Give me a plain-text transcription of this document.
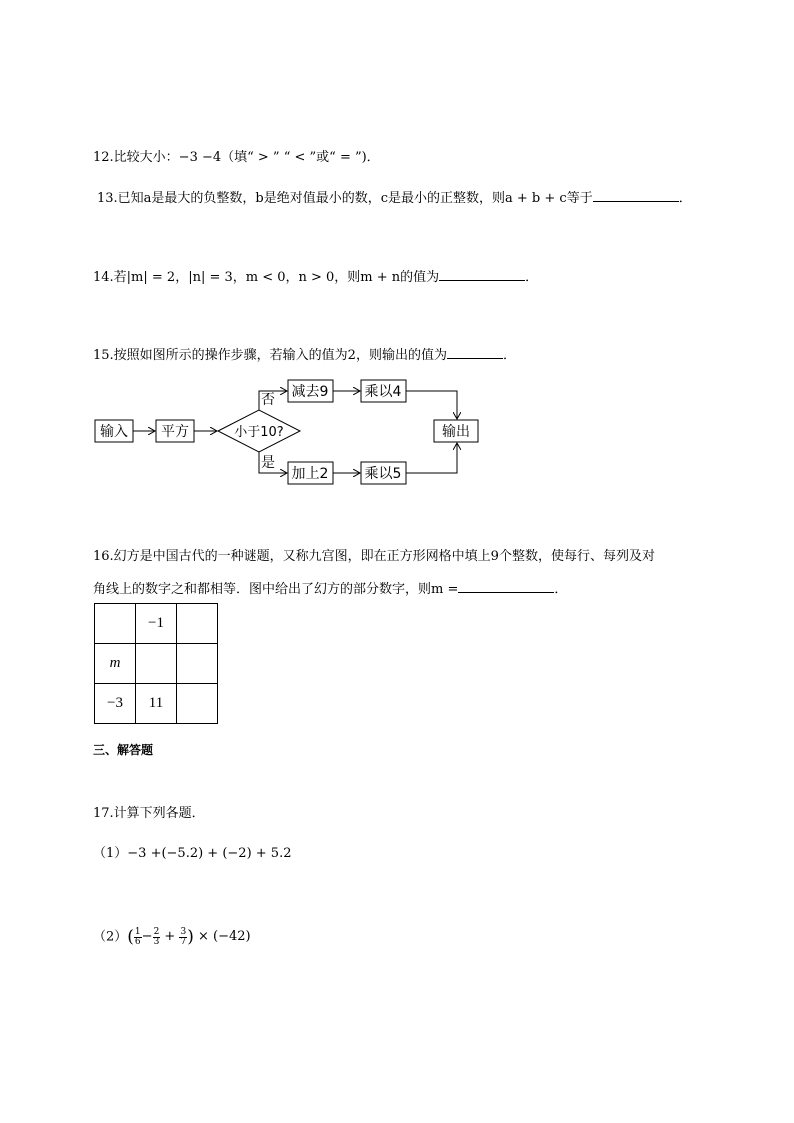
12.比较大小：−3 −4（填“ > ” “ < ”或“ = ”)．
13.已知a是最大的负整数，b是绝对值最小的数，c是最小的正整数，则a + b + c等于	．
14.若|m| = 2，|n| = 3，m < 0，n > 0，则m + n的值为	．
15.按照如图所示的操作步骤，若输入的值为2，则输出的值为	．
输入 平方	小于10?
减去9	乘以4
加上2	乘以5
输出
否
是
16.幻方是中国古代的一种谜题，又称九宫图，即在正方形网格中填上9个整数，使每行、每列及对
角线上的数字之和都相等．图中给出了幻方的部分数字，则m =	．
	−1	
m		
−3	11	
三、解答题
17.计算下列各题．
（1）−3 +(−5.2) + (−2) + 5.2
$(2)( \frac{1}{6} - \frac{2}{3} + \frac{3}{7}$ ) × (−42)
